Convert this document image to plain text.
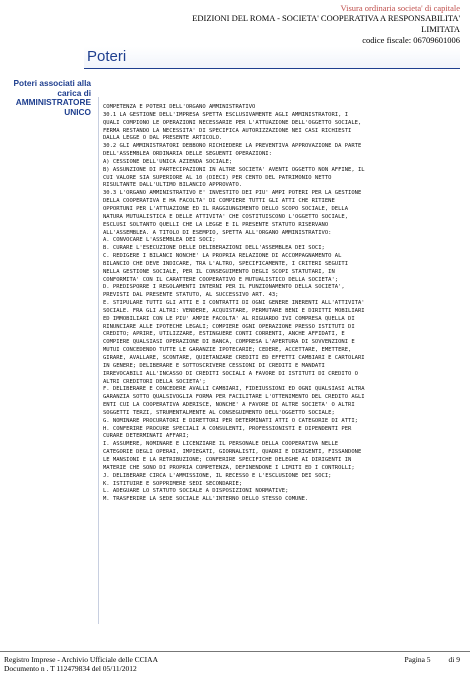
Visura ordinaria societa' di capitale
EDIZIONI DEL ROMA - SOCIETA' COOPERATIVA A RESPONSABILITA' LIMITATA
codice fiscale: 06709601006
Poteri
Poteri associati alla carica di AMMINISTRATORE UNICO	COMPETENZA E POTERI DELL'ORGANO AMMINISTRATIVO
30.1 LA GESTIONE DELL'IMPRESA SPETTA ESCLUSIVAMENTE AGLI AMMINISTRATORI, I
QUALI COMPIONO LE OPERAZIONI NECESSARIE PER L'ATTUAZIONE DELL'OGGETTO SOCIALE,
FERMA RESTANDO LA NECESSITA' DI SPECIFICA AUTORIZZAZIONE NEI CASI RICHIESTI
DALLA LEGGE O DAL PRESENTE ARTICOLO.
30.2 GLI AMMINISTRATORI DEBBONO RICHIEDERE LA PREVENTIVA APPROVAZIONE DA PARTE
DELL'ASSEMBLEA ORDINARIA DELLE SEGUENTI OPERAZIONI:
A) CESSIONE DELL'UNICA AZIENDA SOCIALE;
B) ASSUNZIONE DI PARTECIPAZIONI IN ALTRE SOCIETA' AVENTI OGGETTO NON AFFINE, IL
CUI VALORE SIA SUPERIORE AL 10 (DIECI) PER CENTO DEL PATRIMONIO NETTO
RISULTANTE DALL'ULTIMO BILANCIO APPROVATO.
30.3 L'ORGANO AMMINISTRATIVO E' INVESTITO DEI PIU' AMPI POTERI PER LA GESTIONE
DELLA COOPERATIVA E HA FACOLTA' DI COMPIERE TUTTI GLI ATTI CHE RITIENE
OPPORTUNI PER L'ATTUAZIONE ED IL RAGGIUNGIMENTO DELLO SCOPO SOCIALE, DELLA
NATURA MUTUALISTICA E DELLE ATTIVITA' CHE COSTITUISCONO L'OGGETTO SOCIALE,
ESCLUSI SOLTANTO QUELLI CHE LA LEGGE E IL PRESENTE STATUTO RISERVANO
ALL'ASSEMBLEA. A TITOLO DI ESEMPIO, SPETTA ALL'ORGANO AMMINISTRATIVO:
A. CONVOCARE L'ASSEMBLEA DEI SOCI;
B. CURARE L'ESECUZIONE DELLE DELIBERAZIONI DELL'ASSEMBLEA DEI SOCI;
C. REDIGERE I BILANCI NONCHE' LA PROPRIA RELAZIONE DI ACCOMPAGNAMENTO AL
BILANCIO CHE DEVE INDICARE, TRA L'ALTRO, SPECIFICAMENTE, I CRITERI SEGUITI
NELLA GESTIONE SOCIALE, PER IL CONSEGUIMENTO DEGLI SCOPI STATUTARI, IN
CONFORMITA' CON IL CARATTERE COOPERATIVO E MUTUALISTICO DELLA SOCIETA';
D. PREDISPORRE I REGOLAMENTI INTERNI PER IL FUNZIONAMENTO DELLA SOCIETA',
PREVISTI DAL PRESENTE STATUTO, AL SUCCESSIVO ART. 43;
E. STIPULARE TUTTI GLI ATTI E I CONTRATTI DI OGNI GENERE INERENTI ALL'ATTIVITA'
SOCIALE. FRA GLI ALTRI: VENDERE, ACQUISTARE, PERMUTARE BENI E DIRITTI MOBILIARI
ED IMMOBILIARI CON LE PIU' AMPIE FACOLTA' AL RIGUARDO IVI COMPRESA QUELLA DI
RINUNCIARE ALLE IPOTECHE LEGALI; COMPIERE OGNI OPERAZIONE PRESSO ISTITUTI DI
CREDITO; APRIRE, UTILIZZARE, ESTINGUERE CONTI CORRENTI, ANCHE AFFIDATI, E
COMPIERE QUALSIASI OPERAZIONE DI BANCA, COMPRESA L'APERTURA DI SOVVENZIONI E
MUTUI CONCEDENDO TUTTE LE GARANZIE IPOTECARIE; CEDERE, ACCETTARE, EMETTERE,
GIRARE, AVALLARE, SCONTARE, QUIETANZARE CREDITI ED EFFETTI CAMBIARI E CARTOLARI
IN GENERE; DELIBERARE E SOTTOSCRIVERE CESSIONI DI CREDITI E MANDATI
IRREVOCABILI ALL'INCASSO DI CREDITI SOCIALI A FAVORE DI ISTITUTI DI CREDITO O
ALTRI CREDITORI DELLA SOCIETA';
F. DELIBERARE E CONCEDERE AVALLI CAMBIARI, FIDEIUSSIONI ED OGNI QUALSIASI ALTRA
GARANZIA SOTTO QUALSIVOGLIA FORMA PER FACILITARE L'OTTENIMENTO DEL CREDITO AGLI
ENTI CUI LA COOPERATIVA ADERISCE, NONCHE' A FAVORE DI ALTRE SOCIETA' O ALTRI
SOGGETTI TERZI, STRUMENTALMENTE AL CONSEGUIMENTO DELL'OGGETTO SOCIALE;
G. NOMINARE PROCURATORI E DIRETTORI PER DETERMINATI ATTI O CATEGORIE DI ATTI;
H. CONFERIRE PROCURE SPECIALI A CONSULENTI, PROFESSIONISTI E DIPENDENTI PER
CURARE DETERMINATI AFFARI;
I. ASSUMERE, NOMINARE E LICENZIARE IL PERSONALE DELLA COOPERATIVA NELLE
CATEGORIE DEGLI OPERAI, IMPIEGATI, GIORNALISTI, QUADRI E DIRIGENTI, FISSANDONE
LE MANSIONI E LA RETRIBUZIONE; CONFERIRE SPECIFICHE DELEGHE AI DIRIGENTI IN
MATERIE CHE SONO DI PROPRIA COMPETENZA, DEFINENDONE I LIMITI ED I CONTROLLI;
J. DELIBERARE CIRCA L'AMMISSIONE, IL RECESSO E L'ESCLUSIONE DEI SOCI;
K. ISTITUIRE E SOPPRIMERE SEDI SECONDARIE;
L. ADEGUARE LO STATUTO SOCIALE A DISPOSIZIONI NORMATIVE;
M. TRASFERIRE LA SEDE SOCIALE ALL'INTERNO DELLO STESSO COMUNE.
Registro Imprese - Archivio Ufficiale delle CCIAA
Documento n . T 112479834 del 05/11/2012
Pagina 5 di 9
